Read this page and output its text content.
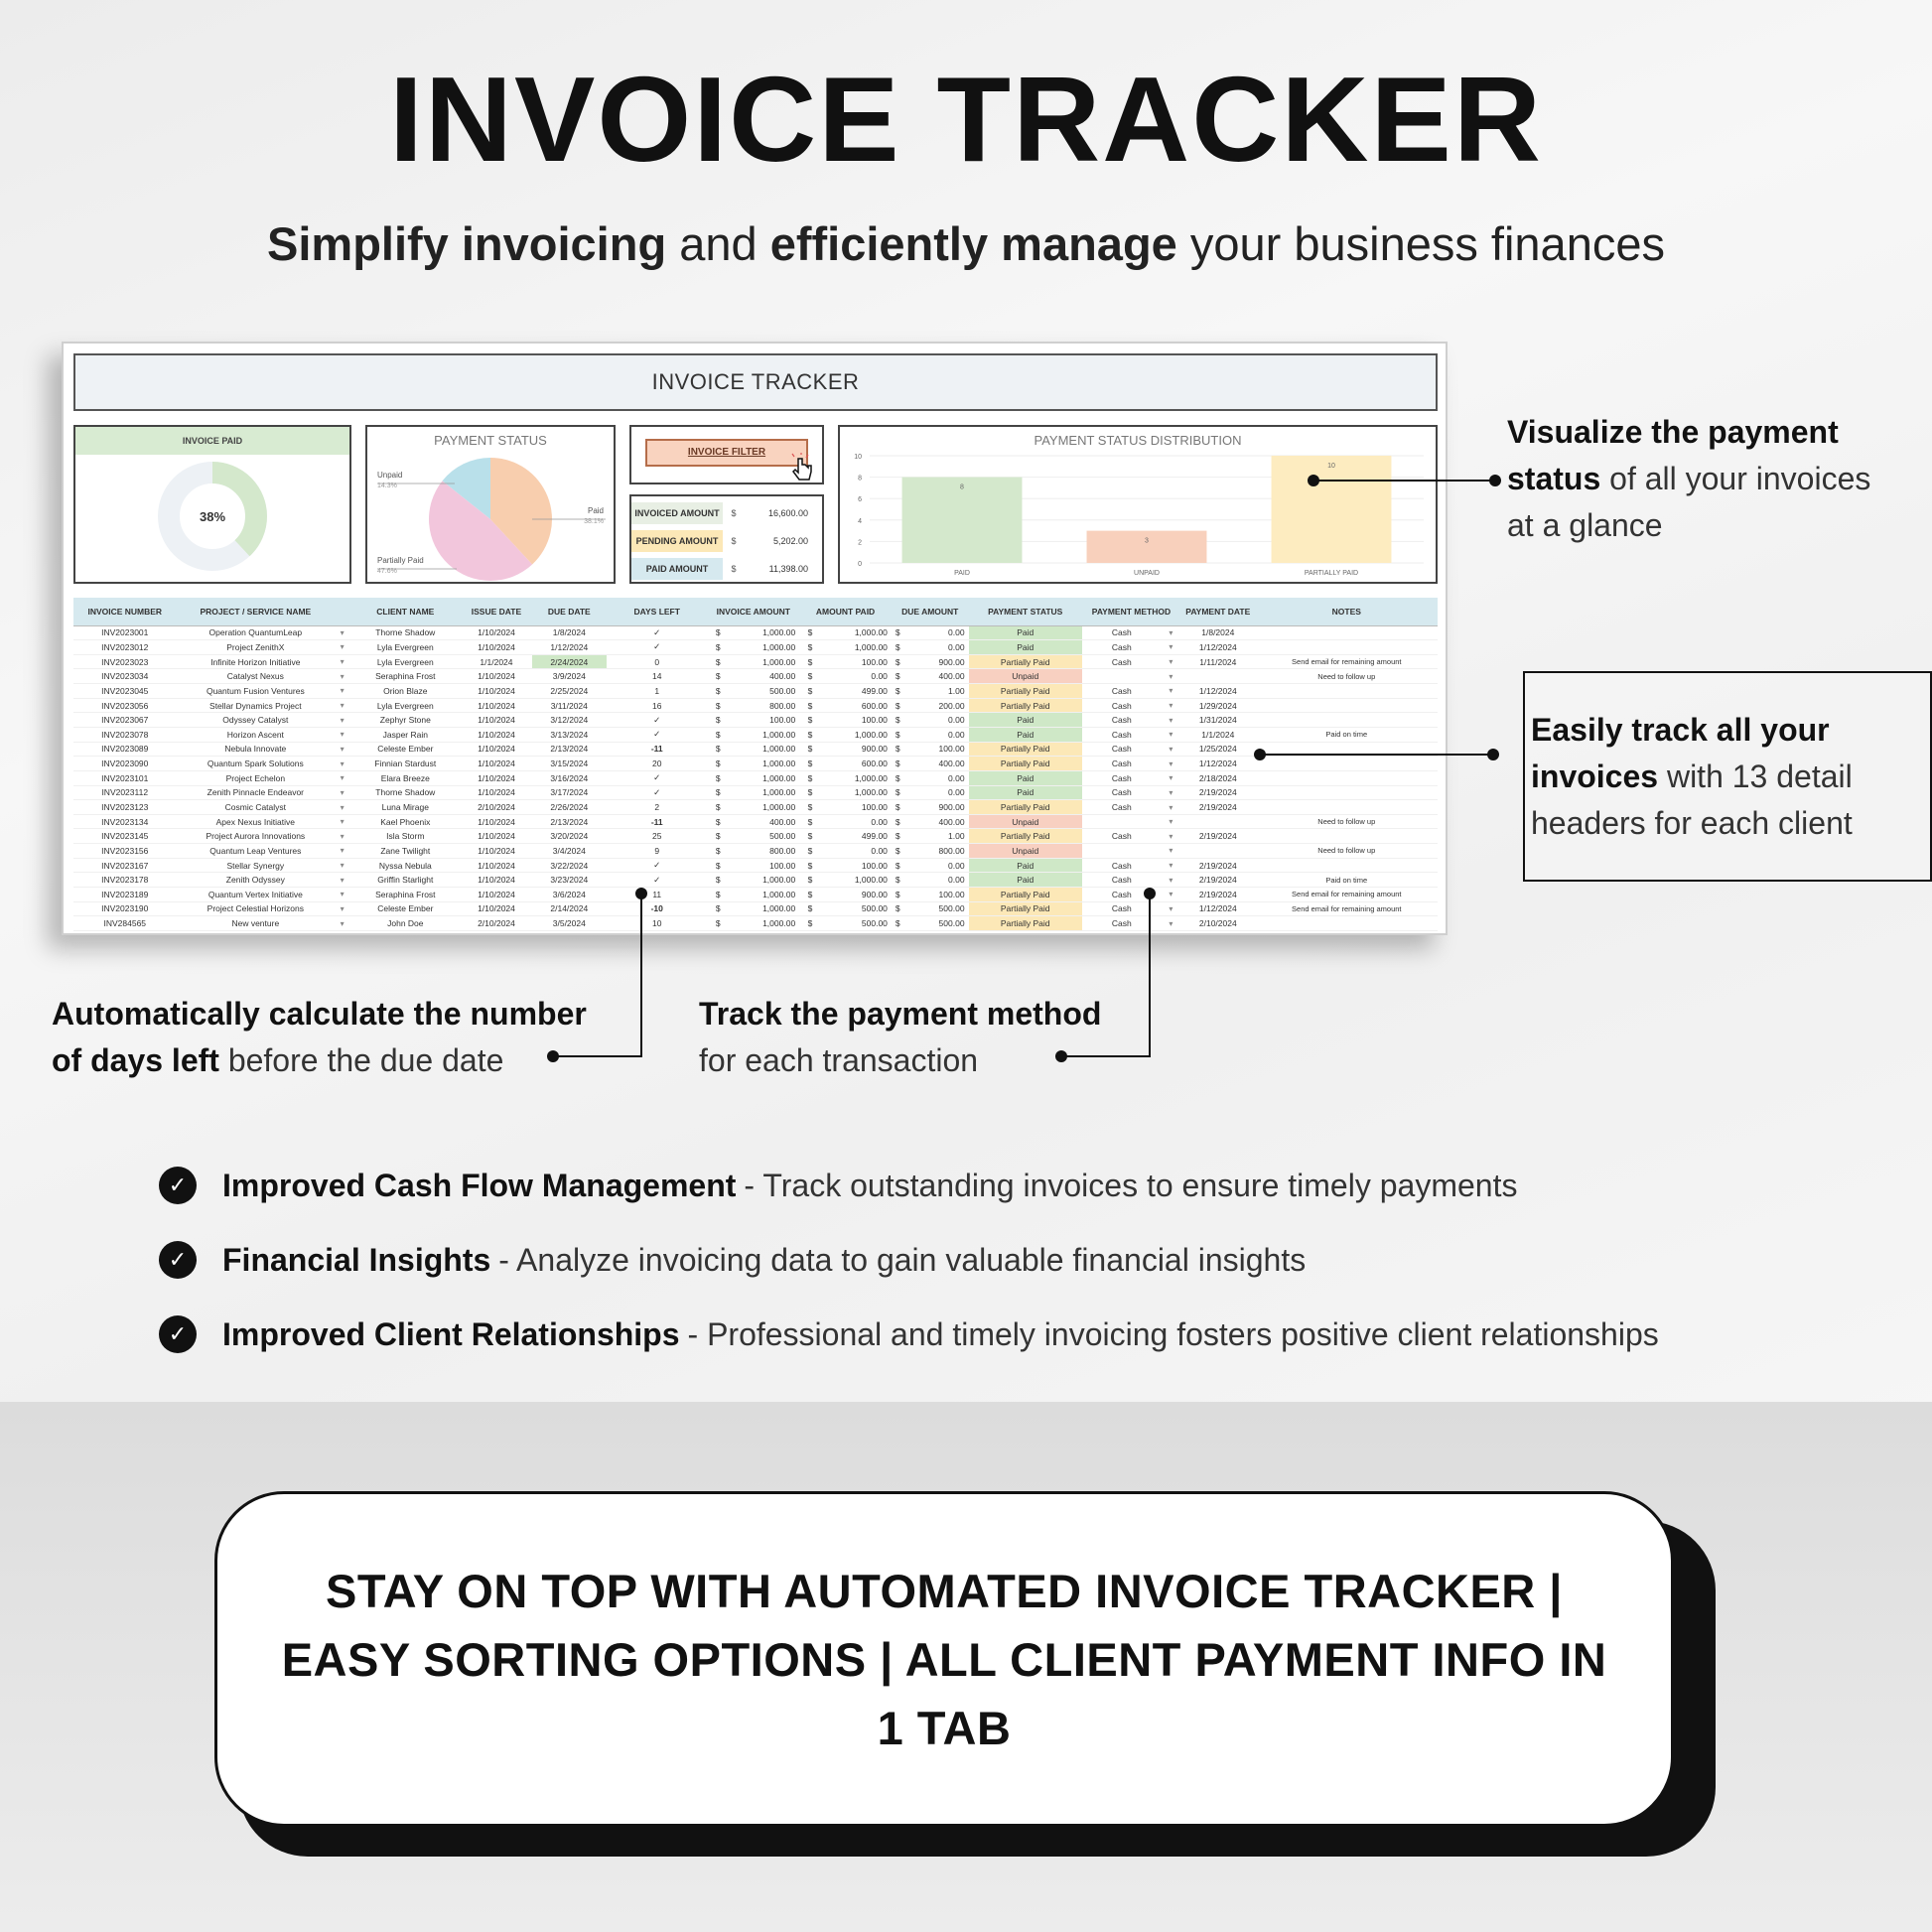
INVOICE TRACKER
Simplify invoicing and efficiently manage your business finances
INVOICE TRACKER
INVOICE PAID
38%
PAYMENT STATUS
Unpaid
14.3%
Paid
38.1%
Partially Paid
47.6%
INVOICE FILTER
INVOICED AMOUNT	$	16,600.00
PENDING AMOUNT	$	5,202.00
PAID AMOUNT	$	11,398.00
PAYMENT STATUS DISTRIBUTION
0
2
4
6
8
10
8
PAID
3
UNPAID
10
PARTIALLY PAID
INVOICE NUMBER	PROJECT / SERVICE NAME		CLIENT NAME	ISSUE DATE	DUE DATE	DAYS LEFT	INVOICE AMOUNT		AMOUNT PAID		DUE AMOUNT	PAYMENT STATUS	PAYMENT METHOD		PAYMENT DATE	NOTES
INV2023001	Operation QuantumLeap	▾	Thorne Shadow	1/10/2024	1/8/2024	✓	$	1,000.00	$	1,000.00	$ 0.00	Paid	Cash	▾	1/8/2024	
INV2023012	Project ZenithX	▾	Lyla Evergreen	1/10/2024	1/12/2024	✓	$	1,000.00	$	1,000.00	$ 0.00	Paid	Cash	▾	1/12/2024	
INV2023023	Infinite Horizon Initiative	▾	Lyla Evergreen	1/1/2024	2/24/2024	0	$	1,000.00	$	100.00	$ 900.00	Partially Paid	Cash	▾	1/11/2024	Send email for remaining amount
INV2023034	Catalyst Nexus	▾	Seraphina Frost	1/10/2024	3/9/2024	14	$	400.00	$	0.00	$ 400.00	Unpaid		▾		Need to follow up
INV2023045	Quantum Fusion Ventures	▾	Orion Blaze	1/10/2024	2/25/2024	1	$	500.00	$	499.00	$ 1.00	Partially Paid	Cash	▾	1/12/2024	
INV2023056	Stellar Dynamics Project	▾	Lyla Evergreen	1/10/2024	3/11/2024	16	$	800.00	$	600.00	$ 200.00	Partially Paid	Cash	▾	1/29/2024	
INV2023067	Odyssey Catalyst	▾	Zephyr Stone	1/10/2024	3/12/2024	✓	$	100.00	$	100.00	$ 0.00	Paid	Cash	▾	1/31/2024	
INV2023078	Horizon Ascent	▾	Jasper Rain	1/10/2024	3/13/2024	✓	$	1,000.00	$	1,000.00	$ 0.00	Paid	Cash	▾	1/1/2024	Paid on time
INV2023089	Nebula Innovate	▾	Celeste Ember	1/10/2024	2/13/2024	-11	$	1,000.00	$	900.00	$ 100.00	Partially Paid	Cash	▾	1/25/2024	
INV2023090	Quantum Spark Solutions	▾	Finnian Stardust	1/10/2024	3/15/2024	20	$	1,000.00	$	600.00	$ 400.00	Partially Paid	Cash	▾	1/12/2024	
INV2023101	Project Echelon	▾	Elara Breeze	1/10/2024	3/16/2024	✓	$	1,000.00	$	1,000.00	$ 0.00	Paid	Cash	▾	2/18/2024	
INV2023112	Zenith Pinnacle Endeavor	▾	Thorne Shadow	1/10/2024	3/17/2024	✓	$	1,000.00	$	1,000.00	$ 0.00	Paid	Cash	▾	2/19/2024	
INV2023123	Cosmic Catalyst	▾	Luna Mirage	2/10/2024	2/26/2024	2	$	1,000.00	$	100.00	$ 900.00	Partially Paid	Cash	▾	2/19/2024	
INV2023134	Apex Nexus Initiative	▾	Kael Phoenix	1/10/2024	2/13/2024	-11	$	400.00	$	0.00	$ 400.00	Unpaid		▾		Need to follow up
INV2023145	Project Aurora Innovations	▾	Isla Storm	1/10/2024	3/20/2024	25	$	500.00	$	499.00	$ 1.00	Partially Paid	Cash	▾	2/19/2024	
INV2023156	Quantum Leap Ventures	▾	Zane Twilight	1/10/2024	3/4/2024	9	$	800.00	$	0.00	$ 800.00	Unpaid		▾		Need to follow up
INV2023167	Stellar Synergy	▾	Nyssa Nebula	1/10/2024	3/22/2024	✓	$	100.00	$	100.00	$ 0.00	Paid	Cash	▾	2/19/2024	
INV2023178	Zenith Odyssey	▾	Griffin Starlight	1/10/2024	3/23/2024	✓	$	1,000.00	$	1,000.00	$ 0.00	Paid	Cash	▾	2/19/2024	Paid on time
INV2023189	Quantum Vertex Initiative	▾	Seraphina Frost	1/10/2024	3/6/2024	11	$	1,000.00	$	900.00	$ 100.00	Partially Paid	Cash	▾	2/19/2024	Send email for remaining amount
INV2023190	Project Celestial Horizons	▾	Celeste Ember	1/10/2024	2/14/2024	-10	$	1,000.00	$	500.00	$ 500.00	Partially Paid	Cash	▾	1/12/2024	Send email for remaining amount
INV284565	New venture	▾	John Doe	2/10/2024	3/5/2024	10	$	1,000.00	$	500.00	$ 500.00	Partially Paid	Cash	▾	2/10/2024	
Visualize the payment
status of all your invoices
at a glance
Easily track all your
invoices with 13 detail
headers for each client
Automatically calculate the number
of days left before the due date
Track the payment method
for each transaction
✓	Improved Cash Flow Management - Track outstanding invoices to ensure timely payments
✓	Financial Insights - Analyze invoicing data to gain valuable financial insights
✓	Improved Client Relationships - Professional and timely invoicing fosters positive client relationships
STAY ON TOP WITH AUTOMATED INVOICE TRACKER | EASY SORTING OPTIONS | ALL CLIENT PAYMENT INFO IN 1 TAB
